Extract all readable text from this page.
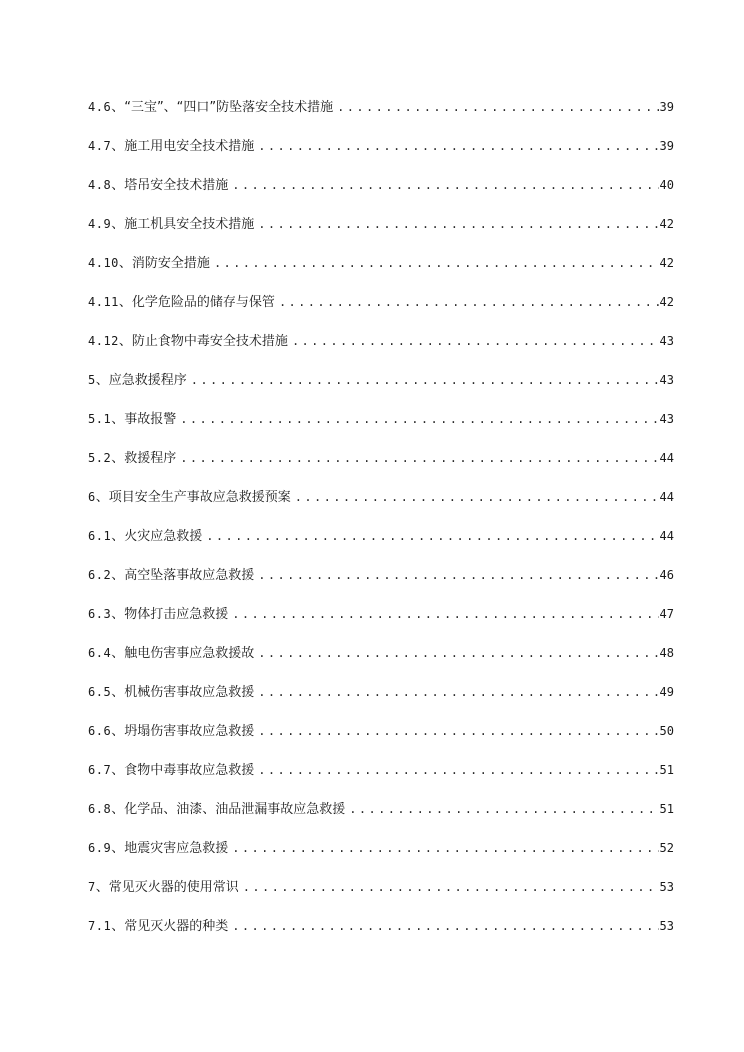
4.6 、 “三宝”、“四口”防坠落安全技术措施 .....	39
4.7 、 施工用电安全技术措施 .....	39
4.8 、 塔吊安全技术措施 .....	40
4.9 、 施工机具安全技术措施 .....	42
4.10 、 消防安全措施 .....	42
4.11 、 化学危险品的储存与保管 .....	42
4.12 、 防止食物中毒安全技术措施 .....	43
5 、 应急救援程序 .....	43
5.1 、 事故报警 .....	43
5.2 、 救援程序 .....	44
6 、 项目安全生产事故应急救援预案 .....	44
6.1 、 火灾应急救援 .....	44
6.2 、 高空坠落事故应急救援 .....	46
6.3 、 物体打击应急救援 .....	47
6.4 、 触电伤害事应急救援故 .....	48
6.5 、 机械伤害事故应急救援 .....	49
6.6 、 坍塌伤害事故应急救援 .....	50
6.7 、 食物中毒事故应急救援 .....	51
6.8 、 化学品、油漆、油品泄漏事故应急救援 .....	51
6.9 、 地震灾害应急救援 .....	52
7 、 常见灭火器的使用常识 .....	53
7.1 、 常见灭火器的种类 .....	53
